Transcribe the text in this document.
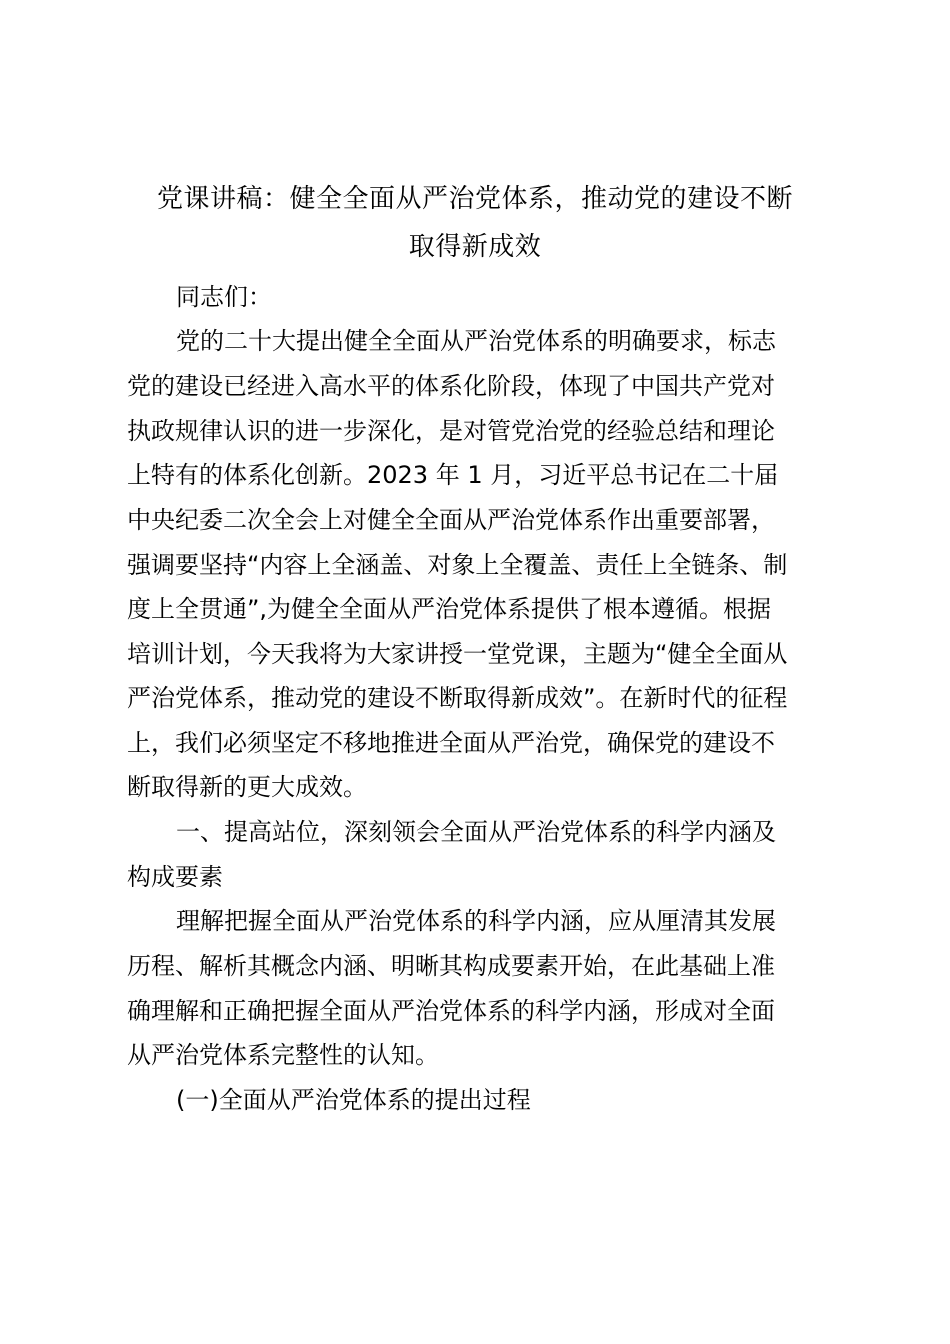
党课讲稿：健全全面从严治党体系，推动党的建设不断
取得新成效
同志们：
党的二十大提出健全全面从严治党体系的明确要求，标志
党的建设已经进入高水平的体系化阶段，体现了中国共产党对
执政规律认识的进一步深化，是对管党治党的经验总结和理论
上特有的体系化创新。2023 年 1 月，习近平总书记在二十届
中央纪委二次全会上对健全全面从严治党体系作出重要部署，
强调要坚持“内容上全涵盖、对象上全覆盖、责任上全链条、制
度上全贯通”,为健全全面从严治党体系提供了根本遵循。根据
培训计划，今天我将为大家讲授一堂党课，主题为“健全全面从
严治党体系，推动党的建设不断取得新成效”。在新时代的征程
上，我们必须坚定不移地推进全面从严治党，确保党的建设不
断取得新的更大成效。
一、提高站位，深刻领会全面从严治党体系的科学内涵及
构成要素
理解把握全面从严治党体系的科学内涵，应从厘清其发展
历程、解析其概念内涵、明晰其构成要素开始，在此基础上准
确理解和正确把握全面从严治党体系的科学内涵，形成对全面
从严治党体系完整性的认知。
(一)全面从严治党体系的提出过程
